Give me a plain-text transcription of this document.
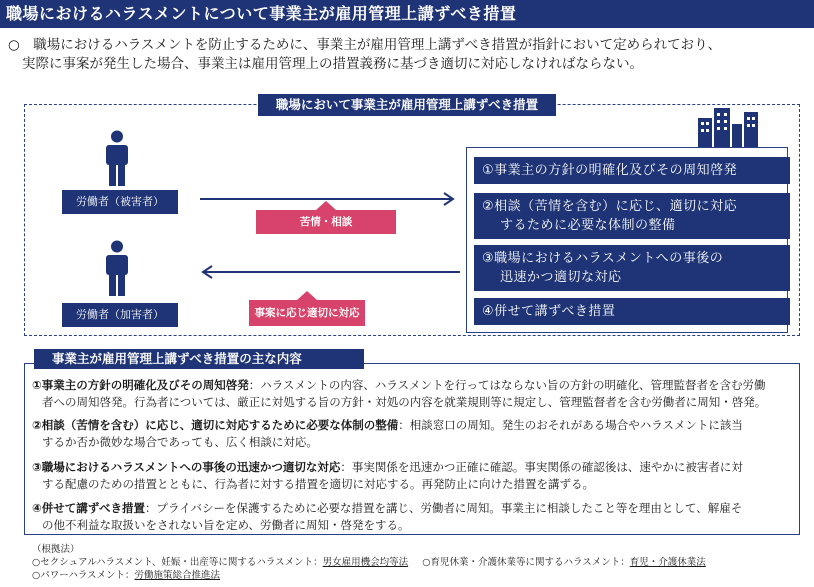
職場におけるハラスメントについて事業主が雇用管理上講ずべき措置
○　職場におけるハラスメントを防止するために、事業主が雇用管理上講ずべき措置が指針において定められており、
実際に事案が発生した場合、事業主は雇用管理上の措置義務に基づき適切に対応しなければならない。
職場において事業主が雇用管理上講ずべき措置
労働者（被害者）
労働者（加害者）
苦情・相談
事案に応じ適切に対応
①事業主の方針の明確化及びその周知啓発
②相談（苦情を含む）に応じ、適切に対応
するために必要な体制の整備
③職場におけるハラスメントへの事後の
迅速かつ適切な対応
④併せて講ずべき措置
事業主が雇用管理上講ずべき措置の主な内容
①事業主の方針の明確化及びその周知啓発：ハラスメントの内容、ハラスメントを行ってはならない旨の方針の明確化、管理監督者を含む労働
者への周知啓発。行為者については、厳正に対処する旨の方針・対処の内容を就業規則等に規定し、管理監督者を含む労働者に周知・啓発。
②相談（苦情を含む）に応じ、適切に対応するために必要な体制の整備：相談窓口の周知。発生のおそれがある場合やハラスメントに該当
するか否か微妙な場合であっても、広く相談に対応。
③職場におけるハラスメントへの事後の迅速かつ適切な対応：事実関係を迅速かつ正確に確認。事実関係の確認後は、速やかに被害者に対
する配慮のための措置とともに、行為者に対する措置を適切に対応する。再発防止に向けた措置を講ずる。
④併せて講ずべき措置：プライバシーを保護するために必要な措置を講じ、労働者に周知。事業主に相談したこと等を理由として、解雇そ
の他不利益な取扱いをされない旨を定め、労働者に周知・啓発をする。
（根拠法）
○セクシュアルハラスメント、妊娠・出産等に関するハラスメント：男女雇用機会均等法 ○育児休業・介護休業等に関するハラスメント：育児・介護休業法
○パワーハラスメント：労働施策総合推進法
